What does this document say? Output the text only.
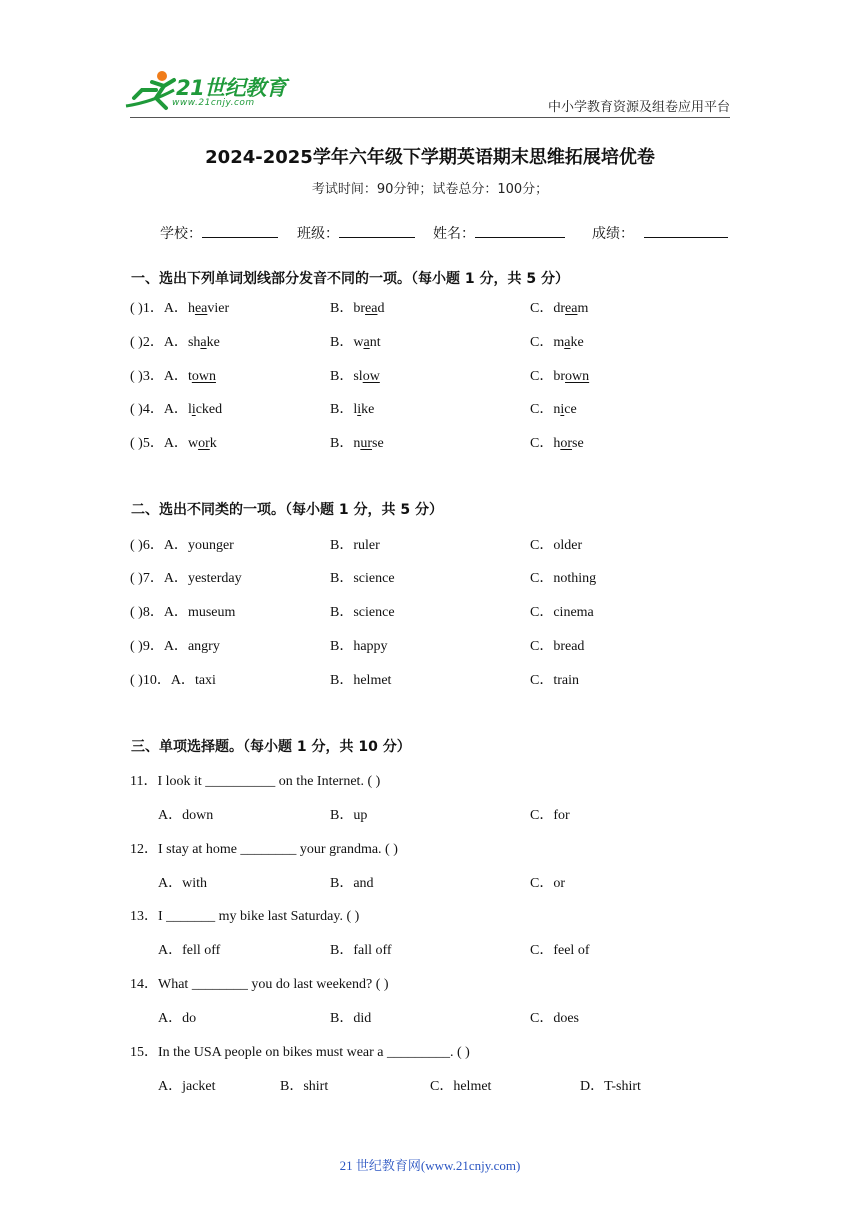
21世纪教育
www.21cnjy.com	中小学教育资源及组卷应用平台
2024-2025学年六年级下学期英语期末思维拓展培优卷
考试时间：90分钟；试卷总分：100分；
学校：	班级：	姓名：	成绩：
一、选出下列单词划线部分发音不同的一项。（每小题 1 分，共 5 分）
( )1．A．heavier	B．bread	C．dream
( )2．A．shake	B．want	C．make
( )3．A．town	B．slow	C．brown
( )4．A．licked	B．like	C．nice
( )5．A．work	B．nurse	C．horse
二、选出不同类的一项。（每小题 1 分，共 5 分）
( )6．A．younger	B．ruler	C．older
( )7．A．yesterday	B．science	C．nothing
( )8．A．museum	B．science	C．cinema
( )9．A．angry	B．happy	C．bread
( )10．A．taxi	B．helmet	C．train
三、单项选择题。（每小题 1 分，共 10 分）
11．I look it __________ on the Internet. ( )
A．down	B．up	C．for
12．I stay at home ________ your grandma. ( )
A．with	B．and	C．or
13．I _______ my bike last Saturday. ( )
A．fell off	B．fall off	C．feel of
14．What ________ you do last weekend? ( )
A．do	B．did	C．does
15．In the USA people on bikes must wear a _________. ( )
A．jacket	B．shirt	C．helmet	D．T-shirt
21 世纪教育网(www.21cnjy.com)
